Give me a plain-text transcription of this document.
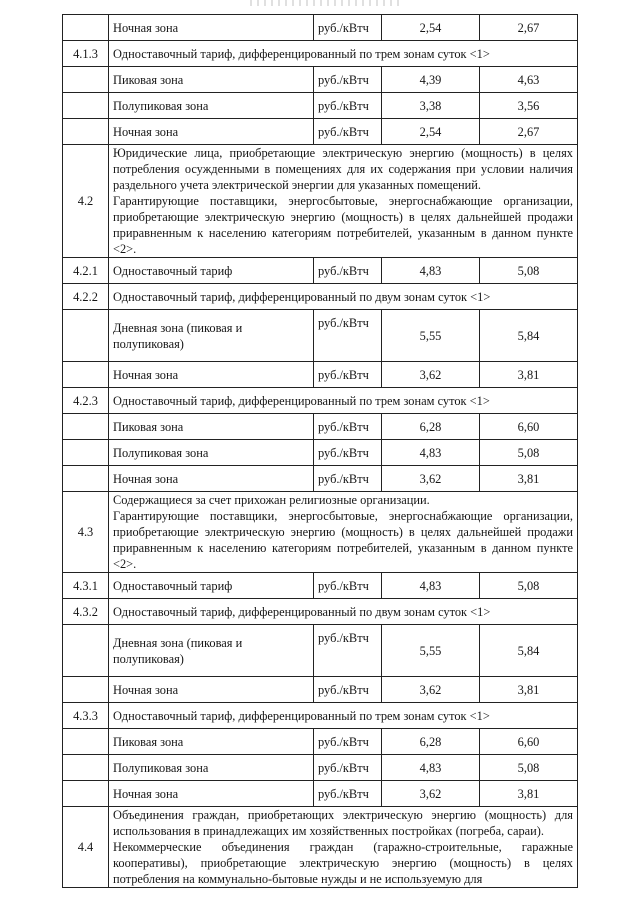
	Ночная зона	руб./кВтч	2,54	2,67
4.1.3	Одноставочный тариф, дифференцированный по трем зонам суток <1>			
	Пиковая зона	руб./кВтч	4,39	4,63
	Полупиковая зона	руб./кВтч	3,38	3,56
	Ночная зона	руб./кВтч	2,54	2,67
4.2	Юридические лица, приобретающие электрическую энергию (мощность) в целях потребления осужденными в помещениях для их содержания при условии наличия раздельного учета электрической энергии для указанных помещений.
Гарантирующие поставщики, энергосбытовые, энергоснабжающие организации, приобретающие электрическую энергию (мощность) в целях дальнейшей продажи приравненным к населению категориям потребителей, указанным в данном пункте <2>.			

4.2.1	Одноставочный тариф	руб./кВтч	4,83	5,08
4.2.2	Одноставочный тариф, дифференцированный по двум зонам суток <1>			
	Дневная зона (пиковая и полупиковая)	руб./кВтч	5,55	5,84
	Ночная зона	руб./кВтч	3,62	3,81
4.2.3	Одноставочный тариф, дифференцированный по трем зонам суток <1>			
	Пиковая зона	руб./кВтч	6,28	6,60
	Полупиковая зона	руб./кВтч	4,83	5,08
	Ночная зона	руб./кВтч	3,62	3,81
4.3	Содержащиеся за счет прихожан религиозные организации.
Гарантирующие поставщики, энергосбытовые, энергоснабжающие организации, приобретающие электрическую энергию (мощность) в целях дальнейшей продажи приравненным к населению категориям потребителей, указанным в данном пункте <2>.			

4.3.1	Одноставочный тариф	руб./кВтч	4,83	5,08
4.3.2	Одноставочный тариф, дифференцированный по двум зонам суток <1>			
	Дневная зона (пиковая и полупиковая)	руб./кВтч	5,55	5,84
	Ночная зона	руб./кВтч	3,62	3,81
4.3.3	Одноставочный тариф, дифференцированный по трем зонам суток <1>			
	Пиковая зона	руб./кВтч	6,28	6,60
	Полупиковая зона	руб./кВтч	4,83	5,08
	Ночная зона	руб./кВтч	3,62	3,81
4.4	Объединения граждан, приобретающих электрическую энергию (мощность) для использования в принадлежащих им хозяйственных постройках (погреба, сараи).
Некоммерческие объединения граждан (гаражно-строительные, гаражные кооперативы), приобретающие электрическую энергию (мощность) в целях потребления на коммунально-бытовые нужды и не используемую для			
